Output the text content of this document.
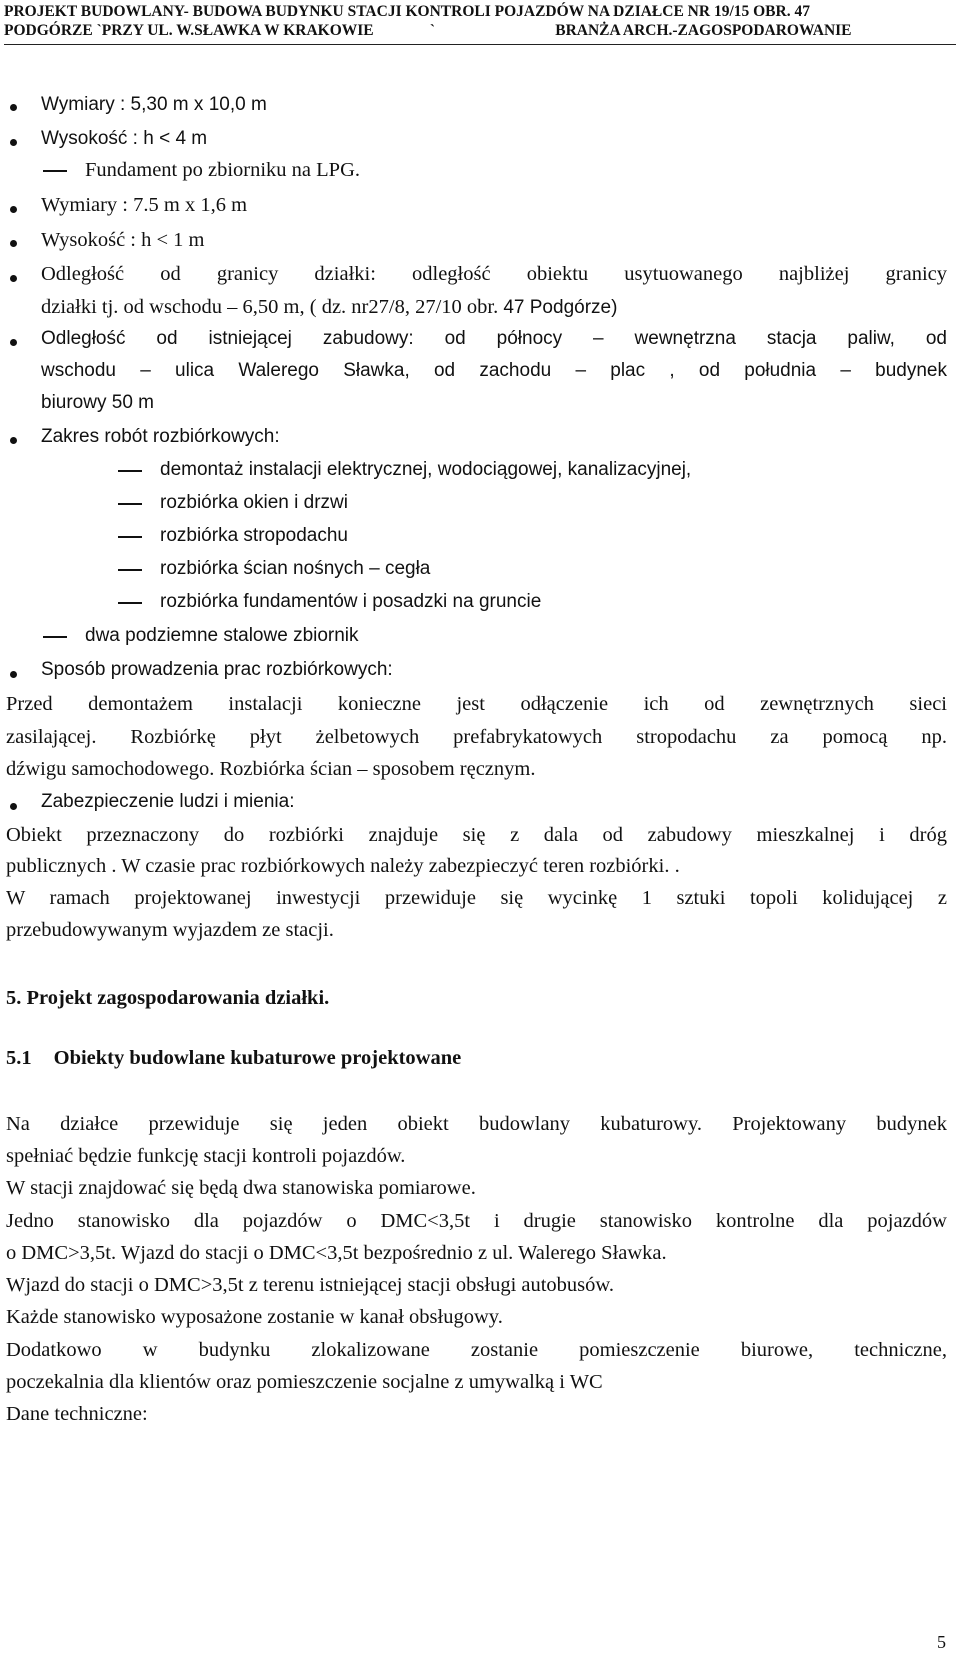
PROJEKT BUDOWLANY- BUDOWA BUDYNKU STACJI KONTROLI POJAZDÓW NA DZIAŁCE NR 19/15 OBR. 47
PODGÓRZE `PRZY UL. W.SŁAWKA W KRAKOWIE	`	BRANŻA ARCH.-ZAGOSPODAROWANIE
Wymiary : 5,30 m x 10,0 m
Wysokość : h < 4 m
Fundament po zbiorniku na LPG.
Wymiary : 7.5 m x 1,6 m
Wysokość : h < 1 m
Odległość od granicy działki: odległość obiektu usytuowanego najbliżej granicy
działki tj. od wschodu – 6,50 m, ( dz. nr27/8, 27/10 obr. 47 Podgórze)
Odległość od istniejącej zabudowy: od północy – wewnętrzna stacja paliw, od
wschodu – ulica Walerego Sławka, od zachodu – plac , od południa – budynek
biurowy 50 m
Zakres robót rozbiórkowych:
demontaż instalacji elektrycznej, wodociągowej, kanalizacyjnej,
rozbiórka okien i drzwi
rozbiórka stropodachu
rozbiórka ścian nośnych – cegła
rozbiórka fundamentów i posadzki na gruncie
dwa podziemne stalowe zbiornik
Sposób prowadzenia prac rozbiórkowych:
Przed demontażem instalacji konieczne jest odłączenie ich od zewnętrznych sieci
zasilającej. Rozbiórkę płyt żelbetowych prefabrykatowych stropodachu za pomocą np.
dźwigu samochodowego. Rozbiórka ścian – sposobem ręcznym.
Zabezpieczenie ludzi i mienia:
Obiekt przeznaczony do rozbiórki znajduje się z dala od zabudowy mieszkalnej i dróg
publicznych . W czasie prac rozbiórkowych należy zabezpieczyć teren rozbiórki. .
W ramach projektowanej inwestycji przewiduje się wycinkę 1 sztuki topoli kolidującej z
przebudowywanym wyjazdem ze stacji.
5. Projekt zagospodarowania działki.
5.1 Obiekty budowlane kubaturowe projektowane
Na działce przewiduje się jeden obiekt budowlany kubaturowy. Projektowany budynek
spełniać będzie funkcję stacji kontroli pojazdów.
W stacji znajdować się będą dwa stanowiska pomiarowe.
Jedno stanowisko dla pojazdów o DMC<3,5t i drugie stanowisko kontrolne dla pojazdów
o DMC>3,5t. Wjazd do stacji o DMC<3,5t bezpośrednio z ul. Walerego Sławka.
Wjazd do stacji o DMC>3,5t z terenu istniejącej stacji obsługi autobusów.
Każde stanowisko wyposażone zostanie w kanał obsługowy.
Dodatkowo w budynku zlokalizowane zostanie pomieszczenie biurowe, techniczne,
poczekalnia dla klientów oraz pomieszczenie socjalne z umywalką i WC
Dane techniczne:
5
